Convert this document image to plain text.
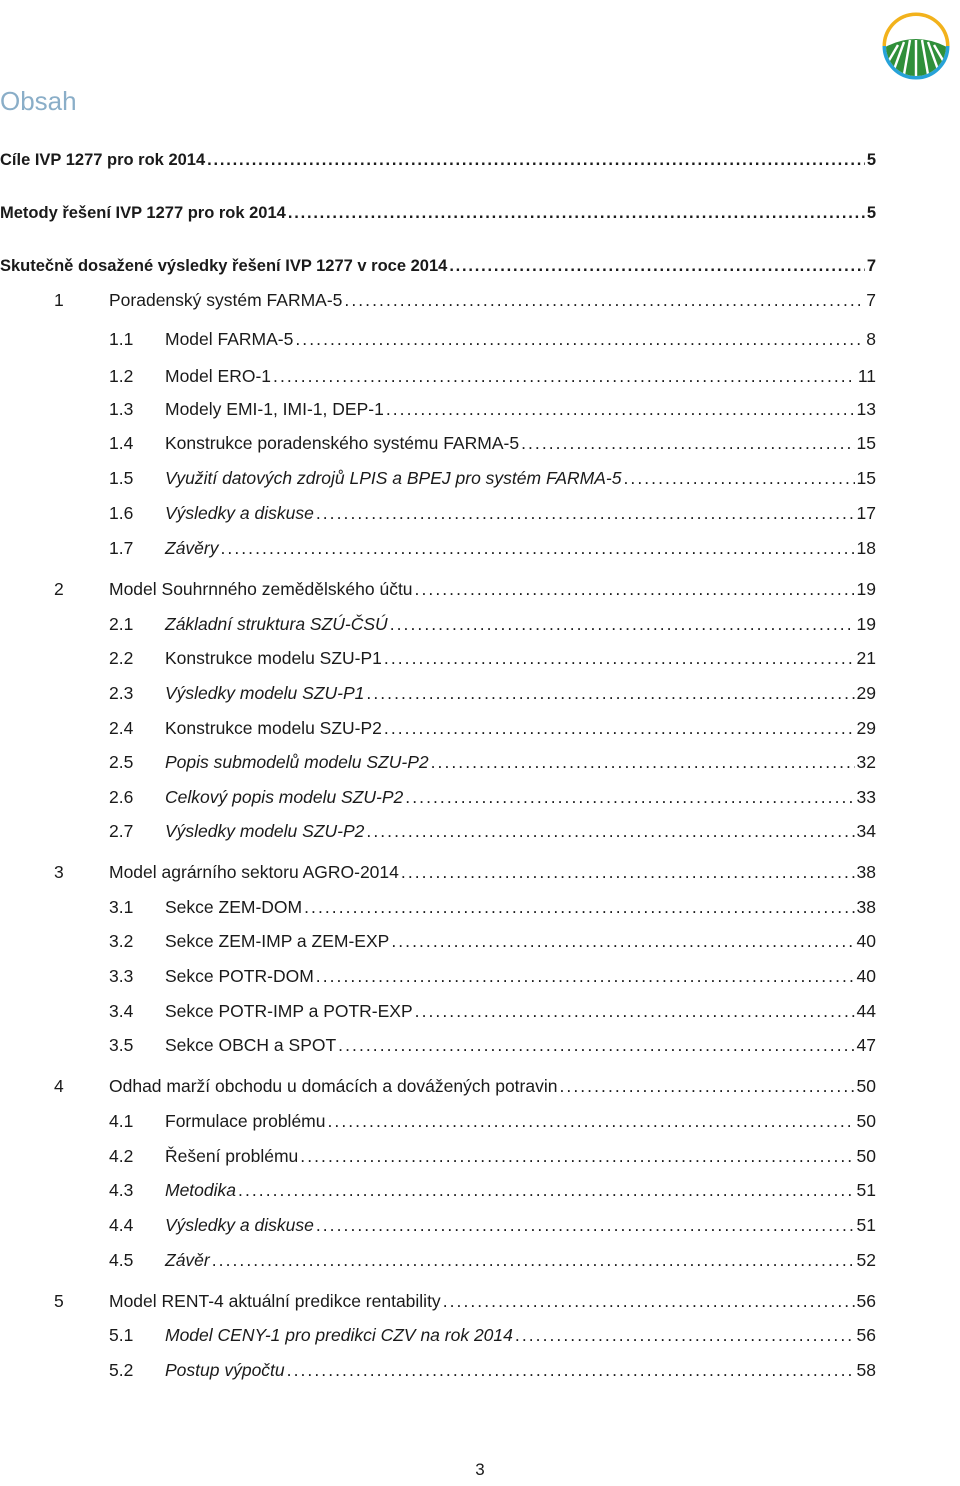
Obsah
Cíle IVP 1277 pro rok 2014 . . .	5
Metody řešení IVP 1277 pro rok 2014 . . .	5
Skutečně dosažené výsledky řešení IVP 1277 v roce 2014 . . .	7
1	Poradenský systém FARMA-5 . . .	7
1.1	Model FARMA-5 . . .	8
1.2	Model ERO-1 . . .	11
1.3	Modely EMI-1, IMI-1, DEP-1 . . .	13
1.4	Konstrukce poradenského systému FARMA-5 . . .	15
1.5	Využití datových zdrojů LPIS a BPEJ pro systém FARMA-5 . . .	15
1.6	Výsledky a diskuse . . .	17
1.7	Závěry . . .	18
2	Model Souhrnného zemědělského účtu . . .	19
2.1	Základní struktura SZÚ-ČSÚ . . .	19
2.2	Konstrukce modelu SZU-P1 . . .	21
2.3	Výsledky modelu SZU-P1 . . .	29
2.4	Konstrukce modelu SZU-P2 . . .	29
2.5	Popis submodelů modelu SZU-P2 . . .	32
2.6	Celkový popis modelu SZU-P2 . . .	33
2.7	Výsledky modelu SZU-P2 . . .	34
3	Model agrárního sektoru AGRO-2014 . . .	38
3.1	Sekce ZEM-DOM . . .	38
3.2	Sekce ZEM-IMP a ZEM-EXP . . .	40
3.3	Sekce POTR-DOM . . .	40
3.4	Sekce POTR-IMP a POTR-EXP . . .	44
3.5	Sekce OBCH a SPOT . . .	47
4	Odhad marží obchodu u domácích a dovážených potravin . . .	50
4.1	Formulace problému . . .	50
4.2	Řešení problému . . .	50
4.3	Metodika . . .	51
4.4	Výsledky a diskuse . . .	51
4.5	Závěr . . .	52
5	Model RENT-4 aktuální predikce rentability . . .	56
5.1	Model CENY-1 pro predikci CZV na rok 2014 . . .	56
5.2	Postup výpočtu . . .	58
3
